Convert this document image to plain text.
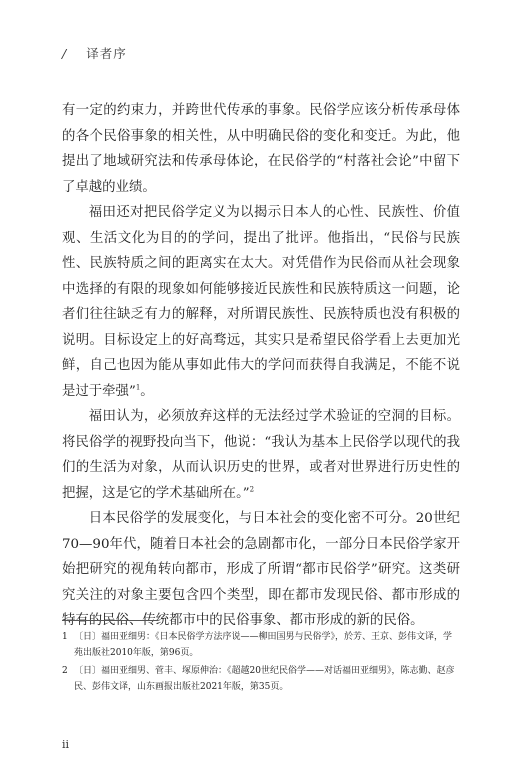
/ 译者序

有一定的约束力，并跨世代传承的事象。民俗学应该分析传承母体的各个民俗事象的相关性，从中明确民俗的变化和变迁。为此，他提出了地域研究法和传承母体论，在民俗学的“村落社会论”中留下了卓越的业绩。

福田还对把民俗学定义为以揭示日本人的心性、民族性、价值观、生活文化为目的的学问，提出了批评。他指出，“民俗与民族性、民族特质之间的距离实在太大。对凭借作为民俗而从社会现象中选择的有限的现象如何能够接近民族性和民族特质这一问题，论者们往往缺乏有力的解释，对所谓民族性、民族特质也没有积极的说明。目标设定上的好高骛远，其实只是希望民俗学看上去更加光鲜，自己也因为能从事如此伟大的学问而获得自我满足，不能不说是过于牵强”$^1$。

福田认为，必须放弃这样的无法经过学术验证的空洞的目标。将民俗学的视野投向当下，他说：“我认为基本上民俗学以现代的我们的生活为对象，从而认识历史的世界，或者对世界进行历史性的把握，这是它的学术基础所在。”$^2$

日本民俗学的发展变化，与日本社会的变化密不可分。20世纪70—90年代，随着日本社会的急剧都市化，一部分日本民俗学家开始把研究的视角转向都市，形成了所谓“都市民俗学”研究。这类研究关注的对象主要包含四个类型，即在都市发现民俗、都市形成的特有的民俗、传统都市中的民俗事象、都市形成的新的民俗。

1 〔日〕福田亚细男：《日本民俗学方法序说——柳田国男与民俗学》，於芳、王京、彭伟文译，学苑出版社2010年版，第96页。
2 〔日〕福田亚细男、菅丰、塚原伸治：《超越20世纪民俗学——对话福田亚细男》，陈志勤、赵彦民、彭伟文译，山东画报出版社2021年版，第35页。
ii
